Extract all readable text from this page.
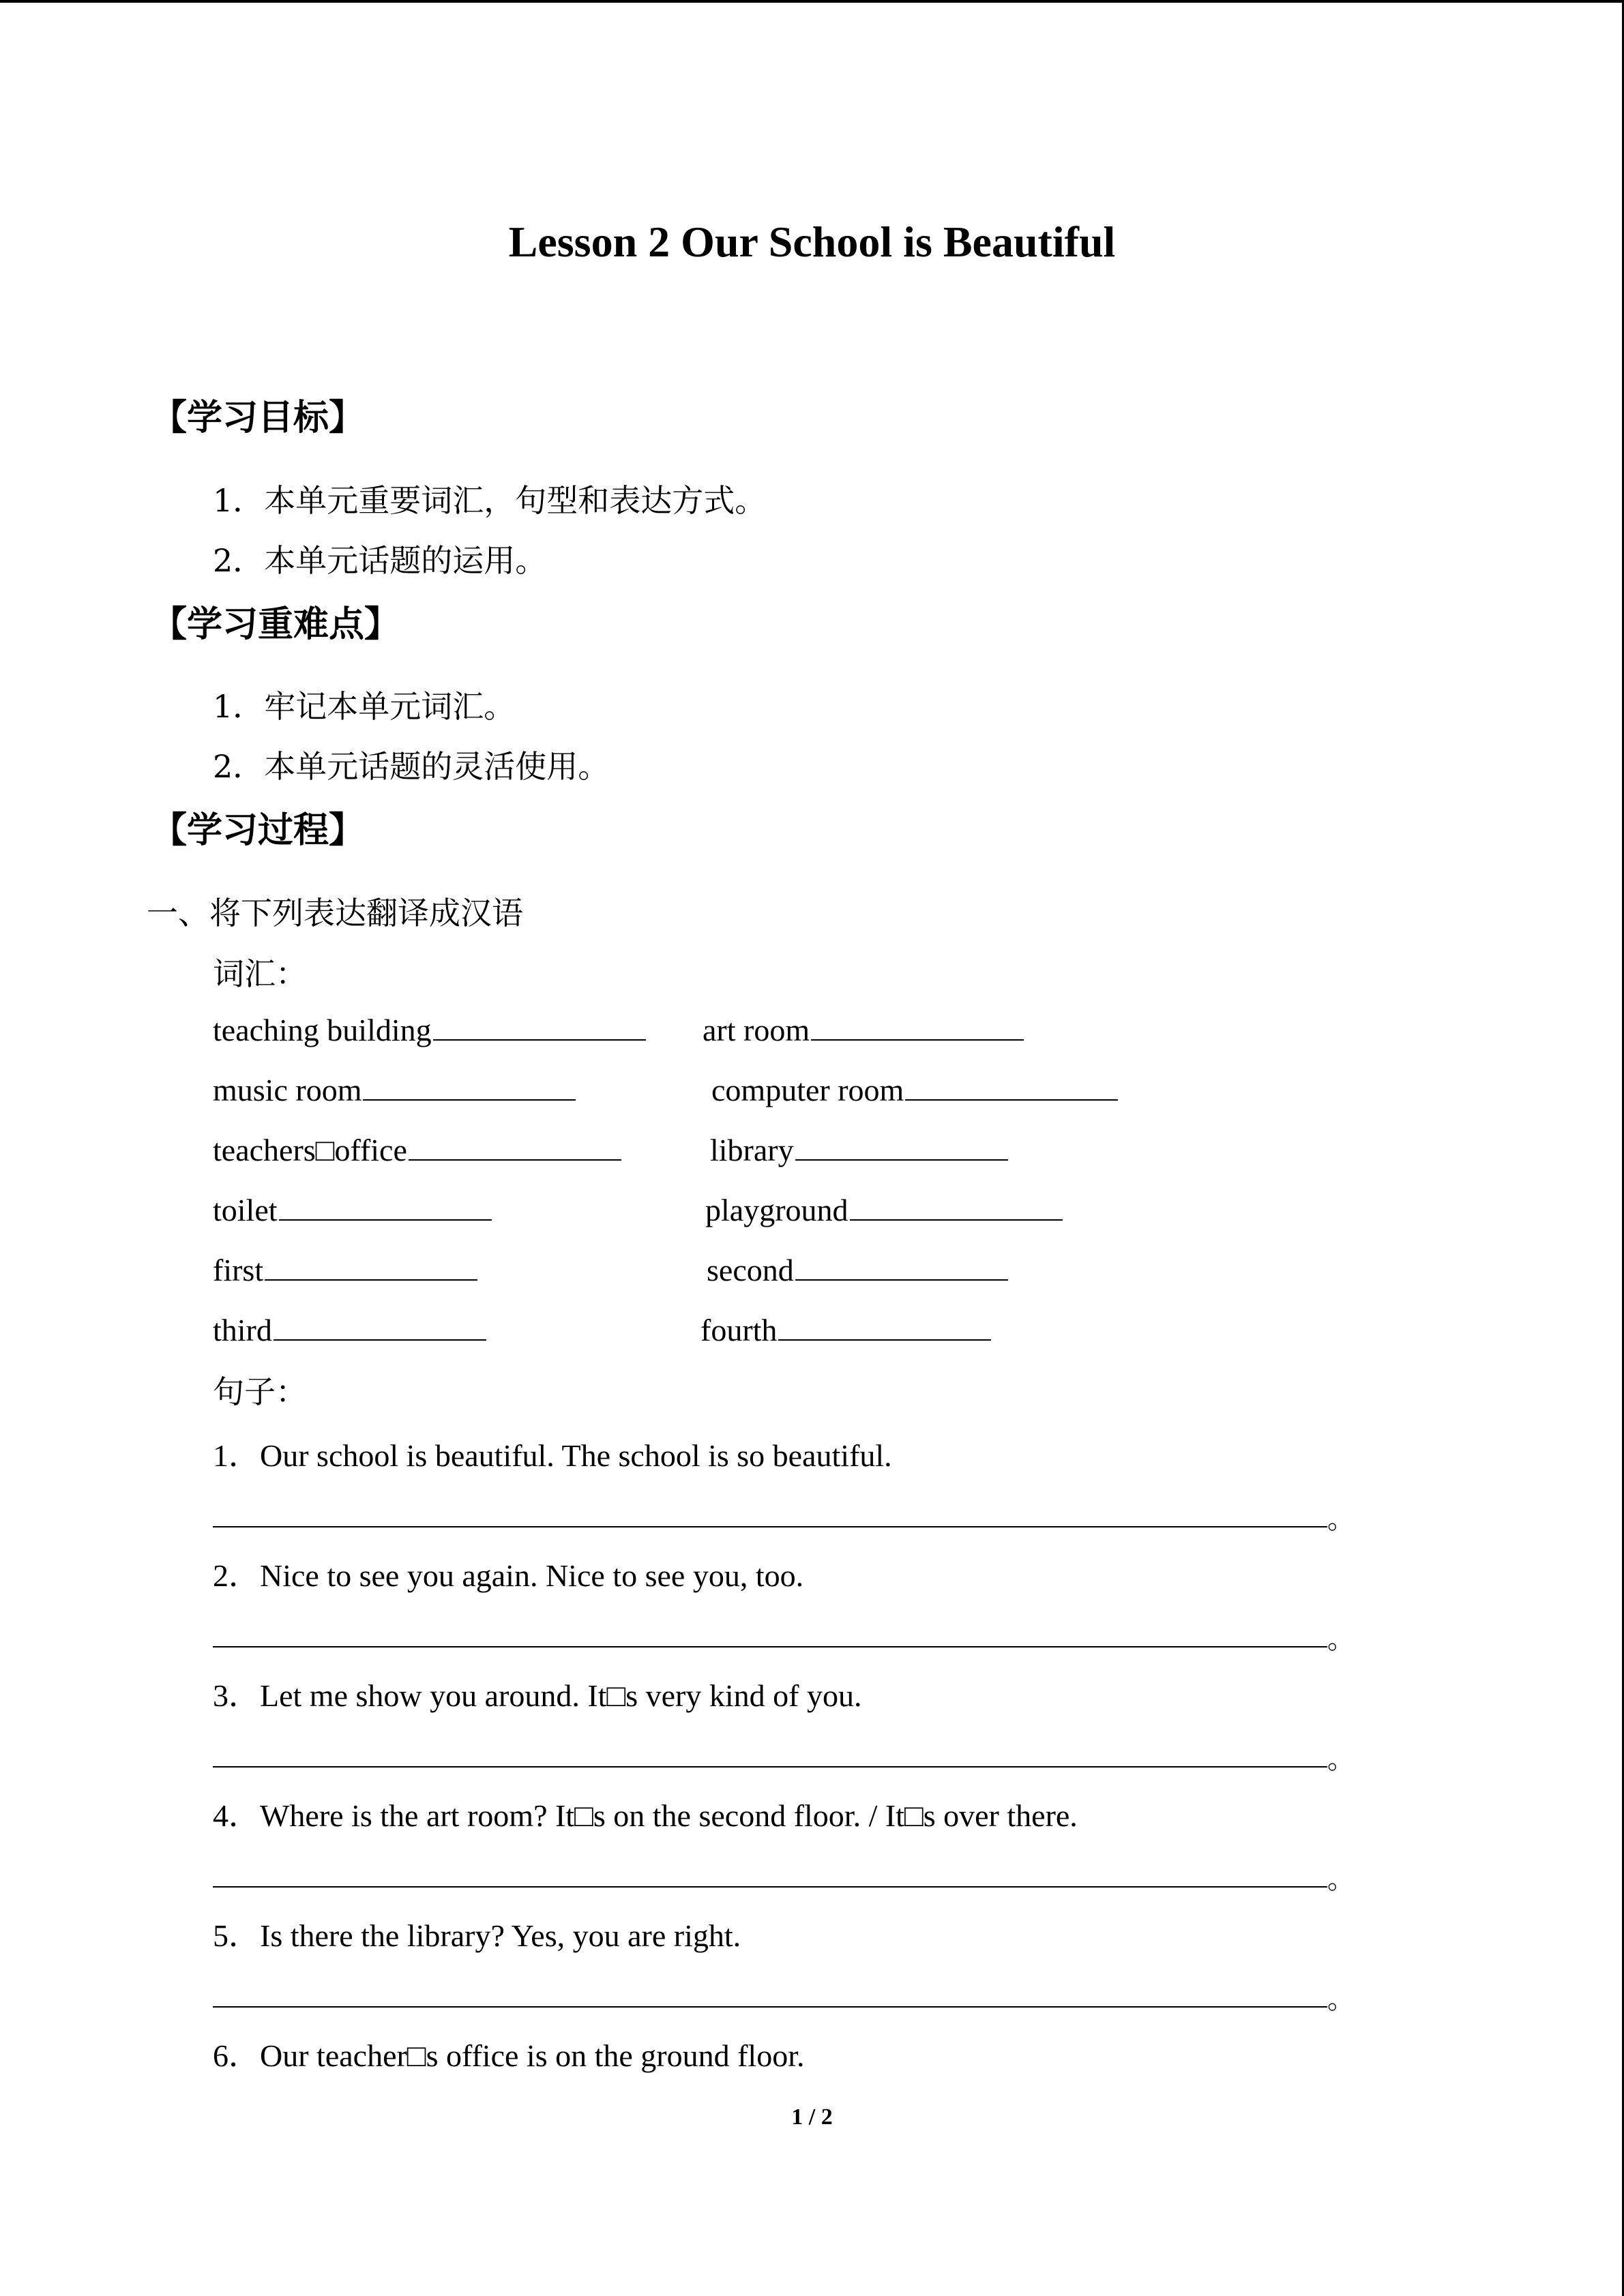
Lesson 2 Our School is Beautiful
【学习目标】
1．本单元重要词汇，句型和表达方式。
2．本单元话题的运用。
【学习重难点】
1．牢记本单元词汇。
2．本单元话题的灵活使用。
【学习过程】
一、将下列表达翻译成汉语
词汇：
teaching building	art room
music room	computer room
teachers□office	library
toilet	playground
first	second
third	fourth
句子：
1．Our school is beautiful. The school is so beautiful.
。
2．Nice to see you again. Nice to see you, too.
。
3．Let me show you around. It□s very kind of you.
。
4．Where is the art room? It□s on the second floor. / It□s over there.
。
5．Is there the library? Yes, you are right.
。
6．Our teacher□s office is on the ground floor.
1 / 2
